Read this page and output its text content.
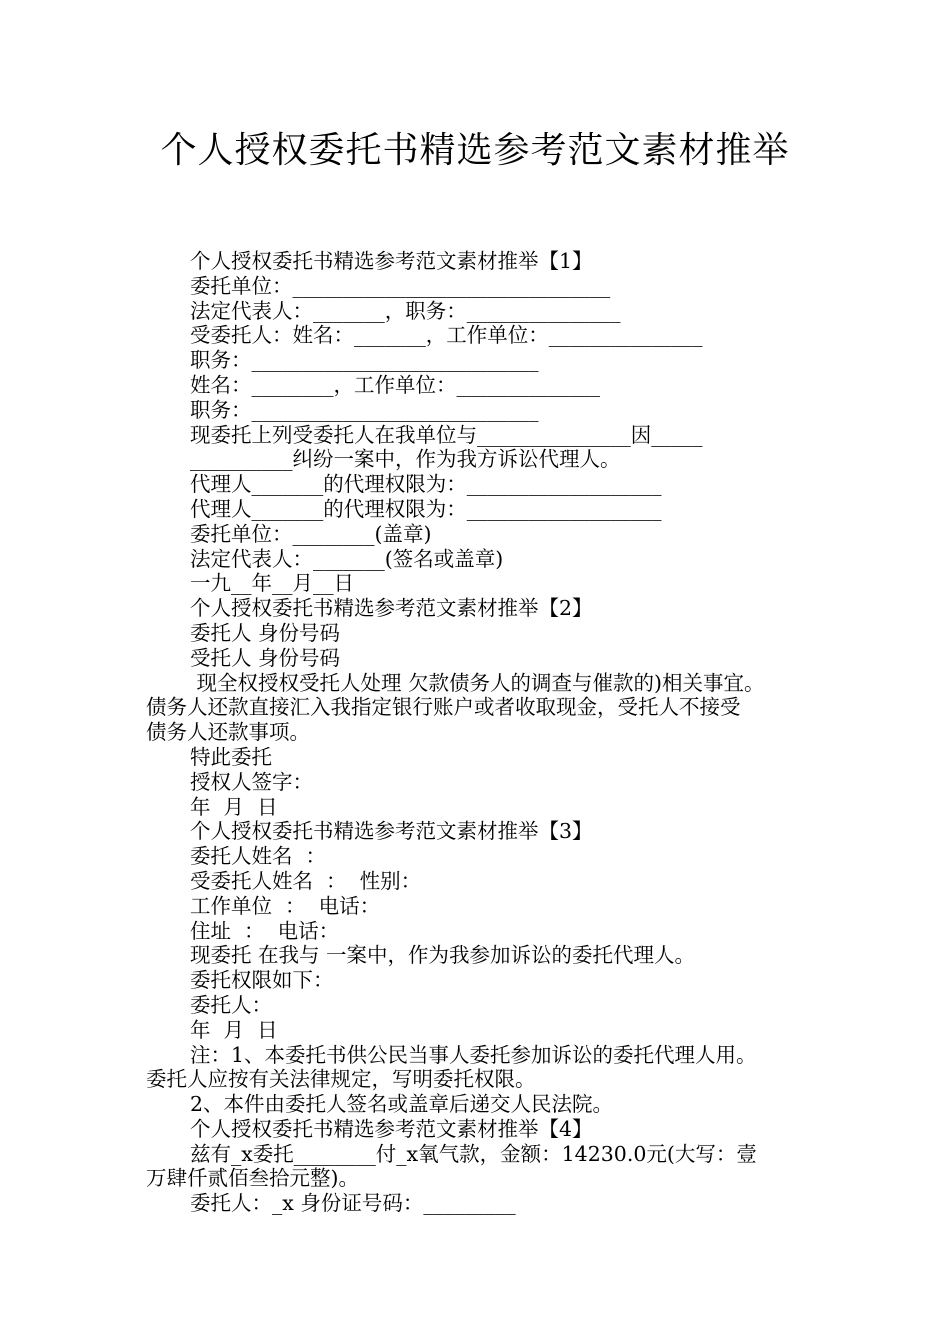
个人授权委托书精选参考范文素材推举

个人授权委托书精选参考范文素材推举【1】

委托单位：_______________________________

法定代表人：_______，职务：_______________

受委托人：姓名：_______，工作单位：_______________

职务：____________________________

姓名：________，工作单位：______________

职务：____________________________

现委托上列受委托人在我单位与_______________因_____

__________纠纷一案中，作为我方诉讼代理人。

代理人_______的代理权限为：___________________

代理人_______的代理权限为：___________________

委托单位：________(盖章)

法定代表人：_______(签名或盖章)

一九__年__月__日

个人授权委托书精选参考范文素材推举【2】

委托人 身份号码

受托人 身份号码

现全权授权受托人处理 欠款债务人的调查与催款的)相关事宜。

债务人还款直接汇入我指定银行账户或者收取现金，受托人不接受

债务人还款事项。

特此委托

授权人签字：

年  月  日

个人授权委托书精选参考范文素材推举【3】

委托人姓名  ：

受委托人姓名  ：  性别：

工作单位  ：  电话：

住址  ：  电话：

现委托 在我与 一案中，作为我参加诉讼的委托代理人。

委托权限如下：

委托人：

年  月  日

注：1、本委托书供公民当事人委托参加诉讼的委托代理人用。

委托人应按有关法律规定，写明委托权限。

2、本件由委托人签名或盖章后递交人民法院。

个人授权委托书精选参考范文素材推举【4】

兹有_x委托________付_x氧气款，金额：14230.0元(大写：壹

万肆仟贰佰叁拾元整)。

委托人：_x 身份证号码：_________
